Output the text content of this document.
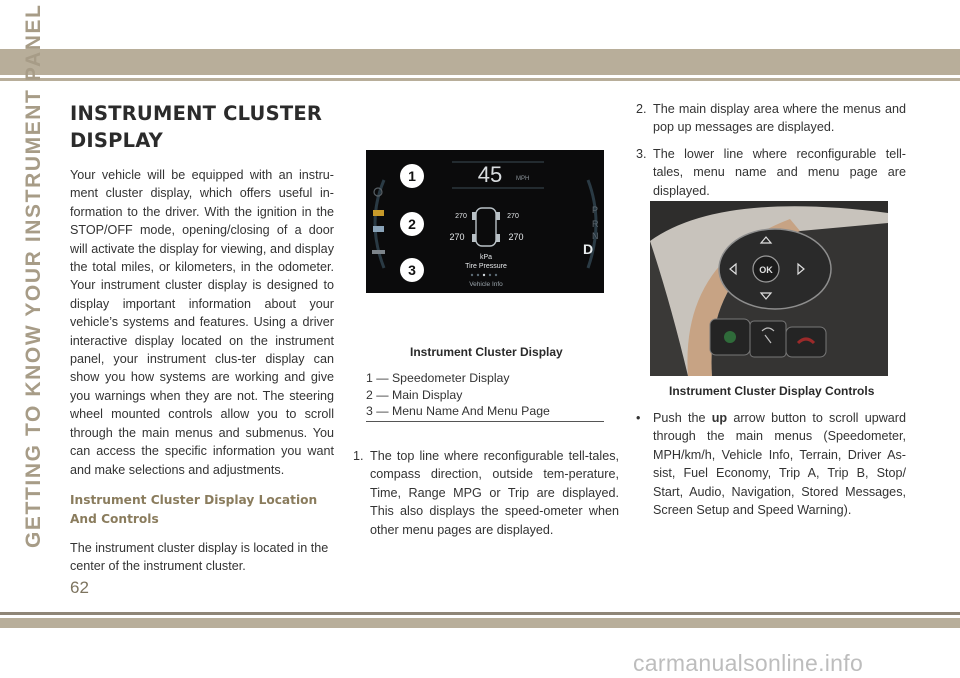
GETTING TO KNOW YOUR INSTRUMENT PANEL
62
INSTRUMENT CLUSTER
DISPLAY

Your vehicle will be equipped with an instru-ment cluster display, which offers useful in-formation to the driver. With the ignition in the STOP/OFF mode, opening/closing of a door will activate the display for viewing, and display the total miles, or kilometers, in the odometer. Your instrument cluster display is designed to display important information about your vehicle’s systems and features. Using a driver interactive display located on the instrument panel, your instrument clus-ter display can show you how systems are working and give you warnings when they are not. The steering wheel mounted controls allow you to scroll through the main menus and submenus. You can access the specific information you want and make selections and adjustments.

Instrument Cluster Display Location And Controls

The instrument cluster display is located in the center of the instrument cluster.

1	45 MPH
2	270	270
270	270
kPa
3	Tire Pressure
Vehicle Info
P
R
N
D
Instrument Cluster Display
1 — Speedometer Display
2 — Main Display
3 — Menu Name And Menu Page
1. The top line where reconfigurable tell-tales, compass direction, outside tem-perature, Time, Range MPG or Trip are displayed. This also displays the speed-ometer when other menu pages are displayed.
2. The main display area where the menus and pop up messages are displayed.
3. The lower line where reconfigurable tell-tales, menu name and menu page are displayed.
OK
Instrument Cluster Display Controls
• Push the up arrow button to scroll upward through the main menus (Speedometer, MPH/km/h, Vehicle Info, Terrain, Driver As-sist, Fuel Economy, Trip A, Trip B, Stop/ Start, Audio, Navigation, Stored Messages, Screen Setup and Speed Warning).
carmanualsonline.info
